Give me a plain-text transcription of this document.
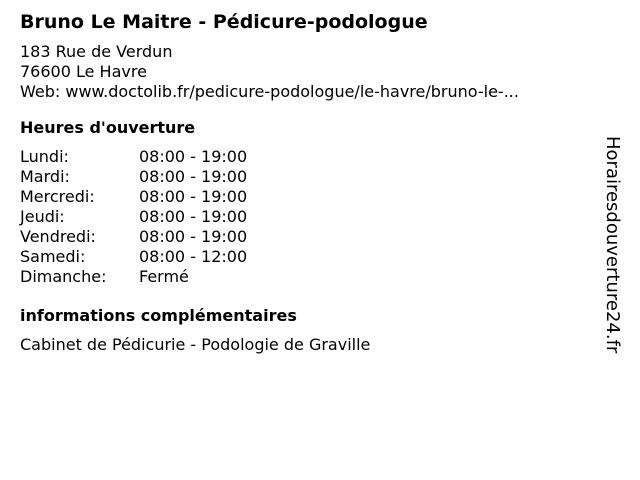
Bruno Le Maitre - Pédicure-podologue
183 Rue de Verdun
76600 Le Havre
Web: www.doctolib.fr/pedicure-podologue/le-havre/bruno-le-...
Heures d'ouverture
Lundi:	08:00 - 19:00
Mardi:	08:00 - 19:00
Mercredi:	08:00 - 19:00
Jeudi:	08:00 - 19:00
Vendredi:	08:00 - 19:00
Samedi:	08:00 - 12:00
Dimanche:	Fermé
informations complémentaires
Cabinet de Pédicurie - Podologie de Graville	Horairesdouverture24.fr
